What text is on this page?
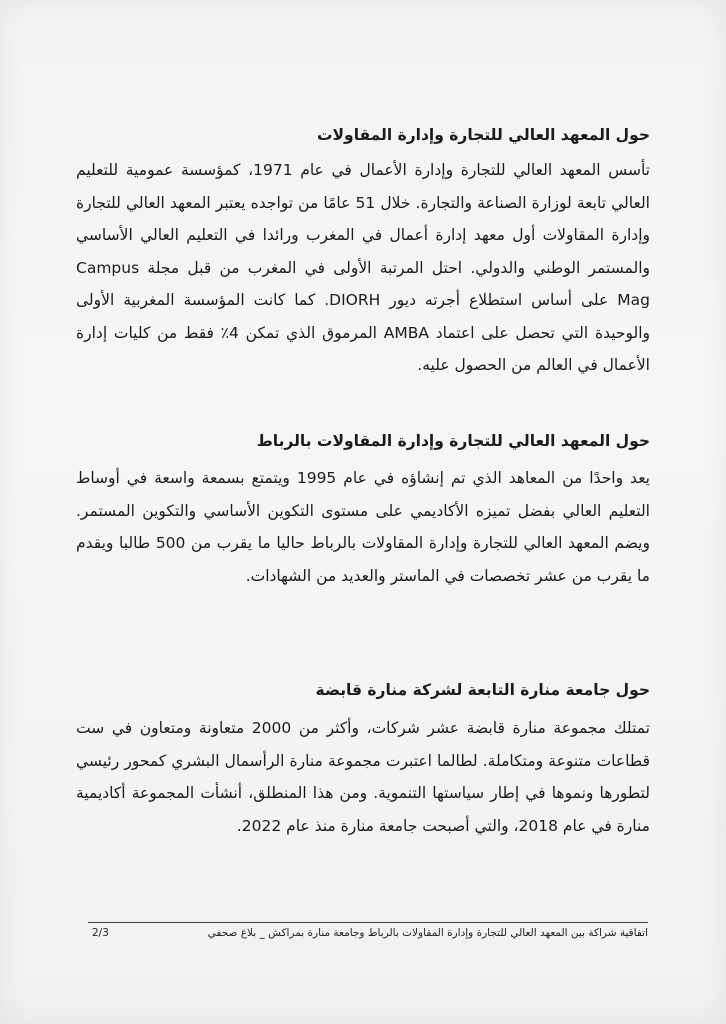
حول المعهد العالي للتجارة وإدارة المقاولات
تأسس المعهد العالي للتجارة وإدارة الأعمال في عام 1971، كمؤسسة عمومية للتعليم العالي تابعة لوزارة الصناعة والتجارة. خلال 51 عامًا من تواجده يعتبر المعهد العالي للتجارة وإدارة المقاولات أول معهد إدارة أعمال في المغرب ورائدا في التعليم العالي الأساسي والمستمر الوطني والدولي. احتل المرتبة الأولى في المغرب من قبل مجلة Campus Mag على أساس استطلاع أجرته ديور DIORH. كما كانت المؤسسة المغربية الأولى والوحيدة التي تحصل على اعتماد AMBA المرموق الذي تمكن 4٪ فقط من كليات إدارة الأعمال في العالم من الحصول عليه.
حول المعهد العالي للتجارة وإدارة المقاولات بالرباط
يعد واحدًا من المعاهد الذي تم إنشاؤه في عام 1995 ويتمتع بسمعة واسعة في أوساط التعليم العالي بفضل تميزه الأكاديمي على مستوى التكوين الأساسي والتكوين المستمر. ويضم المعهد العالي للتجارة وإدارة المقاولات بالرباط حاليا ما يقرب من 500 طالبا ويقدم ما يقرب من عشر تخصصات في الماستر والعديد من الشهادات.
حول جامعة منارة التابعة لشركة منارة قابضة
تمتلك مجموعة منارة قابضة عشر شركات، وأكثر من 2000 متعاونة ومتعاون في ست قطاعات متنوعة ومتكاملة. لطالما اعتبرت مجموعة منارة الرأسمال البشري كمحور رئيسي لتطورها ونموها في إطار سياستها التنموية. ومن هذا المنطلق، أنشأت المجموعة أكاديمية منارة في عام 2018، والتي أصبحت جامعة منارة منذ عام 2022.
اتفاقية شراكة بين المعهد العالي للتجارة وإدارة المقاولات بالرباط وجامعة منارة بمراكش _ بلاغ صحفي
2/3
